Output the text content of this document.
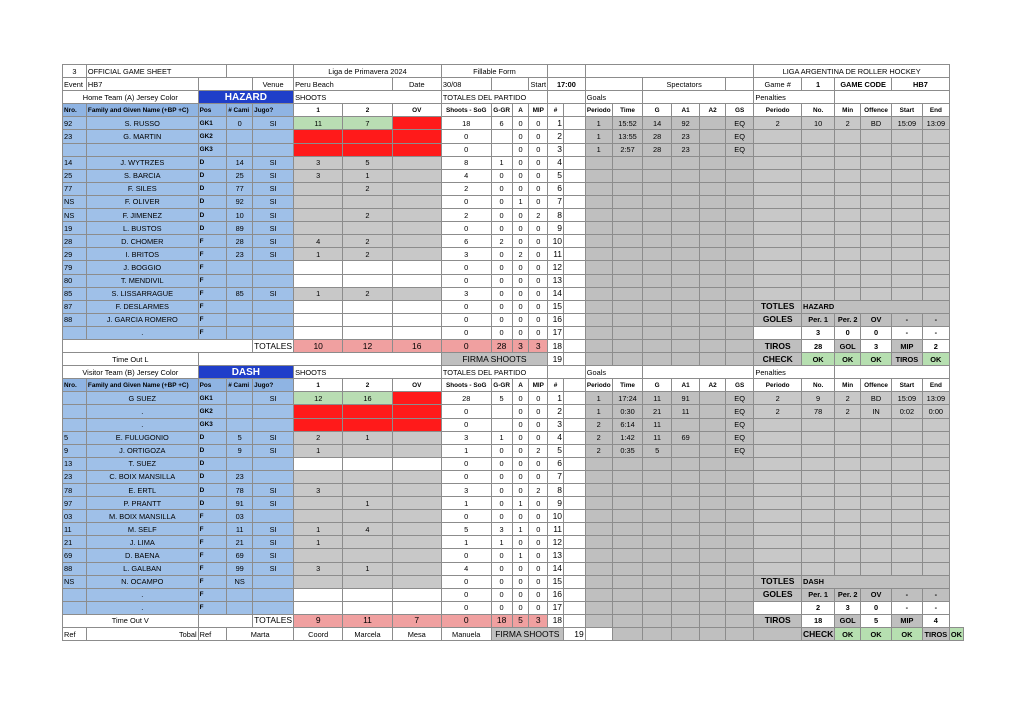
3	OFFICIAL GAME SHEET				Liga de Primavera 2024			Fillable Form												LIGA ARGENTINA DE ROLLER HOCKEY						
Event	HB7			Venue	Peru Beach		Date	30/08			Start	17:00				Spectators				Game #	1	GAME CODE		HB7		
Home Team (A) Jersey Color		HAZARD			SHOOTS			TOTALES DEL PARTIDO						Goals						Penalties						
Nro.	Family and Given Name (+BP +C)	Pos	# Cami	Jugo?	1	2	OV	Shoots - SoG	G-GR	A	MIP	#		Periodo	Time	G	A1	A2	GS	Periodo	No.	Min	Offence	Start	End	
92	S. RUSSO	GK1	0	SI	11	7		18	6	0	0	1		1	15:52	14	92		EQ	2	10	2	BD	15:09	13:09	
23	G. MARTIN	GK2						0		0	0	2		1	13:55	28	23		EQ							
		GK3						0		0	0	3		1	2:57	28	23		EQ							
14	J. WYTRZES	D	14	SI	3	5		8	1	0	0	4														
25	S. BARCIA	D	25	SI	3	1		4	0	0	0	5														
77	F. SILES	D	77	SI		2		2	0	0	0	6														
NS	F. OLIVER	D	92	SI				0	0	1	0	7														
NS	F. JIMENEZ	D	10	SI		2		2	0	0	2	8														
19	L. BUSTOS	D	89	SI				0	0	0	0	9														
28	D. CHOMER	F	28	SI	4	2		6	2	0	0	10														
29	I. BRITOS	F	23	SI	1	2		3	0	2	0	11														
79	J. BOGGIO	F						0	0	0	0	12														
80	T. MENDIVIL	F						0	0	0	0	13														
85	S. LISSARRAGUE	F	85	SI	1	2		3	0	0	0	14														
87	F. DESLARMES	F						0	0	0	0	15								TOTLES	HAZARD					
88	J. GARCIA ROMERO	F						0	0	0	0	16								GOLES	Per. 1	Per. 2	OV	-	-	
	.	F						0	0	0	0	17									3	0	0	-	-	
				TOTALES	10	12	16	0	28	3	3	18								TIROS	28	GOL	3	MIP	2	
Time Out L								FIRMA SHOOTS				19								CHECK	OK	OK	OK	TIROS	OK	
Visitor Team (B) Jersey Color		DASH			SHOOTS			TOTALES DEL PARTIDO						Goals						Penalties						
Nro.	Family and Given Name (+BP +C)	Pos	# Cami	Jugo?	1	2	OV	Shoots - SoG	G-GR	A	MIP	#		Periodo	Time	G	A1	A2	GS	Periodo	No.	Min	Offence	Start	End	
	G SUEZ	GK1		SI	12	16		28	5	0	0	1		1	17:24	11	91		EQ	2	9	2	BD	15:09	13:09	
	.	GK2						0		0	0	2		1	0:30	21	11		EQ	2	78	2	IN	0:02	0:00	
	.	GK3						0		0	0	3		2	6:14	11			EQ							
5	E. FULUGONIO	D	5	SI	2	1		3	1	0	0	4		2	1:42	11	69		EQ							
9	J. ORTIGOZA	D	9	SI	1			1	0	0	2	5		2	0:35	5			EQ							
13	T. SUEZ	D						0	0	0	0	6														
23	C. BOIX MANSILLA	D	23					0	0	0	0	7														
78	E. ERTL	D	78	SI	3			3	0	0	2	8														
97	P. PRANTT	D	91	SI		1		1	0	1	0	9														
03	M. BOIX MANSILLA	F	03					0	0	0	0	10														
11	M. SELF	F	11	SI	1	4		5	3	1	0	11														
21	J. LIMA	F	21	SI	1			1	1	0	0	12														
69	D. BAENA	F	69	SI				0	0	1	0	13														
88	L. GALBAN	F	99	SI	3	1		4	0	0	0	14														
NS	N. OCAMPO	F	NS					0	0	0	0	15								TOTLES	DASH					
	.	F						0	0	0	0	16								GOLES	Per. 1	Per. 2	OV	-	-	
	.	F						0	0	0	0	17									2	3	0	-	-	
Time Out V				TOTALES	9	11	7	0	18	5	3	18								TIROS	18	GOL	5	MIP	4	
Ref	Tobal	Ref	Marta		Coord	Marcela	Mesa	Manuela	FIRMA SHOOTS				19								CHECK	OK	OK	OK	TIROS	OK
